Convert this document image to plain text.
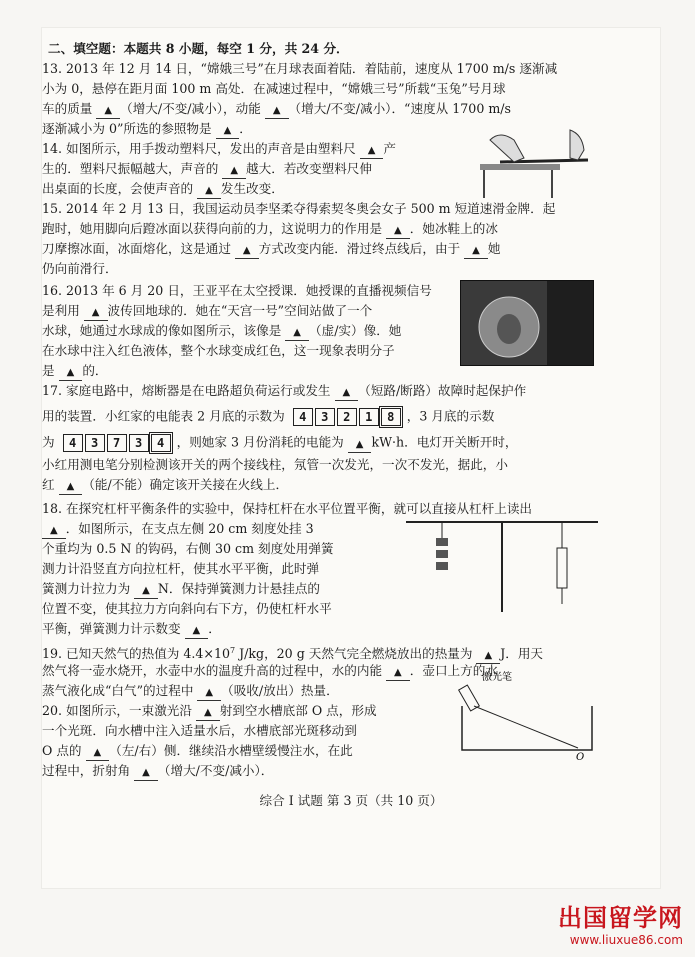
二、填空题：本题共 8 小题，每空 1 分，共 24 分．
13. 2013 年 12 月 14 日，“嫦娥三号”在月球表面着陆．着陆前，速度从 1700 m/s 逐渐减
小为 0，悬停在距月面 100 m 高处．在减速过程中，“嫦娥三号”所载“玉兔”号月球
车的质量 ▲ （增大/不变/减小），动能 ▲ （增大/不变/减小）．“速度从 1700 m/s
逐渐减小为 0”所选的参照物是 ▲ ．
14. 如图所示，用手拨动塑料尺，发出的声音是由塑料尺 ▲ 产
生的．塑料尺振幅越大，声音的 ▲ 越大．若改变塑料尺伸
出桌面的长度，会使声音的 ▲ 发生改变．
15. 2014 年 2 月 13 日，我国运动员李坚柔夺得索契冬奥会女子 500 m 短道速滑金牌．起
跑时，她用脚向后蹬冰面以获得向前的力，这说明力的作用是 ▲ ．她冰鞋上的冰
刀摩擦冰面，冰面熔化，这是通过 ▲ 方式改变内能．滑过终点线后，由于 ▲ 她
仍向前滑行．
16. 2013 年 6 月 20 日，王亚平在太空授课．她授课的直播视频信号
是利用 ▲ 波传回地球的．她在“天宫一号”空间站做了一个
水球，她通过水球成的像如图所示，该像是 ▲ （虚/实）像．她
在水球中注入红色液体，整个水球变成红色，这一现象表明分子
是 ▲ 的．
17. 家庭电路中，熔断器是在电路超负荷运行或发生 ▲ （短路/断路）故障时起保护作
用的装置．小红家的电能表 2 月底的示数为 4 3 2 1 8 ，3 月底的示数
为 4 3 7 3 4 ，则她家 3 月份消耗的电能为 ▲ kW·h．电灯开关断开时，
小红用测电笔分别检测该开关的两个接线柱，氖管一次发光，一次不发光，据此，小
红 ▲ （能/不能）确定该开关接在火线上．
18. 在探究杠杆平衡条件的实验中，保持杠杆在水平位置平衡，就可以直接从杠杆上读出
▲ ．如图所示，在支点左侧 20 cm 刻度处挂 3
个重均为 0.5 N 的钩码，右侧 30 cm 刻度处用弹簧
测力计沿竖直方向拉杠杆，使其水平平衡，此时弹
簧测力计拉力为 ▲ N．保持弹簧测力计悬挂点的
位置不变，使其拉力方向斜向右下方，仍使杠杆水平
平衡，弹簧测力计示数变 ▲ ．
19. 已知天然气的热值为 $4.4\times 10^7$ J/kg，20 g 天然气完全燃烧放出的热量为 ▲ J．用天
然气将一壶水烧开，水壶中水的温度升高的过程中，水的内能 ▲ ．壶口上方的水
蒸气液化成“白气”的过程中 ▲ （吸收/放出）热量．
20. 如图所示，一束激光沿 ▲ 射到空水槽底部 O 点，形成
一个光斑．向水槽中注入适量水后，水槽底部光斑移动到
O 点的 ▲ （左/右）侧．继续沿水槽壁缓慢注水，在此
过程中，折射角 ▲ （增大/不变/减小）．
激光笔
O
综合 I 试题 第 3 页（共 10 页）
出国留学网
www.liuxue86.com
